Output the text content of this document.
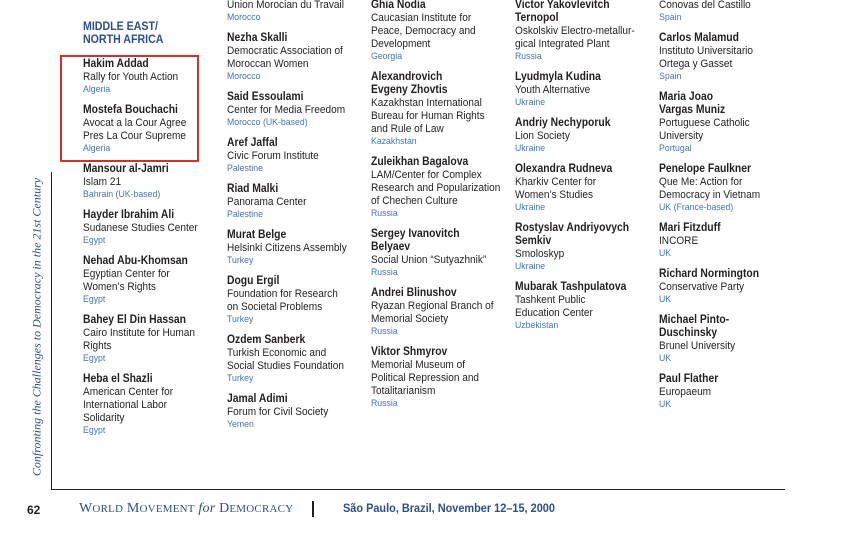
Confronting the Challenges to Democracy in the 21st Century
MIDDLE EAST/
NORTH AFRICA
Hakim Addad
Rally for Youth Action
Algeria
Mostefa Bouchachi
Avocat a la Cour Agree
Pres La Cour Supreme
Algeria
Mansour al-Jamri
Islam 21
Bahrain (UK-based)
Hayder Ibrahim Ali
Sudanese Studies Center
Egypt
Nehad Abu-Khomsan
Egyptian Center for
Women’s Rights
Egypt
Bahey El Din Hassan
Cairo Institute for Human
Rights
Egypt
Heba el Shazli
American Center for
International Labor
Solidarity
Egypt
Union Morocian du Travail
Morocco
Nezha Skalli
Democratic Association of
Moroccan Women
Morocco
Said Essoulami
Center for Media Freedom
Morocco (UK-based)
Aref Jaffal
Civic Forum Institute
Palestine
Riad Malki
Panorama Center
Palestine
Murat Belge
Helsinki Citizens Assembly
Turkey
Dogu Ergil
Foundation for Research
on Societal Problems
Turkey
Ozdem Sanberk
Turkish Economic and
Social Studies Foundation
Turkey
Jamal Adimi
Forum for Civil Society
Yemen
Ghia Nodia
Caucasian Institute for
Peace, Democracy and
Development
Georgia
Alexandrovich
Evgeny Zhovtis
Kazakhstan International
Bureau for Human Rights
and Rule of Law
Kazakhstan
Zuleikhan Bagalova
LAM/Center for Complex
Research and Popularization
of Chechen Culture
Russia
Sergey Ivanovitch
Belyaev
Social Union “Sutyazhnik”
Russia
Andrei Blinushov
Ryazan Regional Branch of
Memorial Society
Russia
Viktor Shmyrov
Memorial Museum of
Political Repression and
Totalitarianism
Russia
Victor Yakovlevitch
Ternopol
Oskolskiv Electro-metallur-
gical Integrated Plant
Russia
Lyudmyla Kudina
Youth Alternative
Ukraine
Andriy Nechyporuk
Lion Society
Ukraine
Olexandra Rudneva
Kharkiv Center for
Women’s Studies
Ukraine
Rostyslav Andriyovych
Semkiv
Smoloskyp
Ukraine
Mubarak Tashpulatova
Tashkent Public
Education Center
Uzbekistan
Conovas del Castillo
Spain
Carlos Malamud
Instituto Universitario
Ortega y Gasset
Spain
Maria Joao
Vargas Muniz
Portuguese Catholic
University
Portugal
Penelope Faulkner
Que Me: Action for
Democracy in Vietnam
UK (France-based)
Mari Fitzduff
INCORE
UK
Richard Normington
Conservative Party
UK
Michael Pinto-
Duschinsky
Brunel University
UK
Paul Flather
Europaeum
UK
62	WORLD MOVEMENT for DEMOCRACY	São Paulo, Brazil, November 12–15, 2000
